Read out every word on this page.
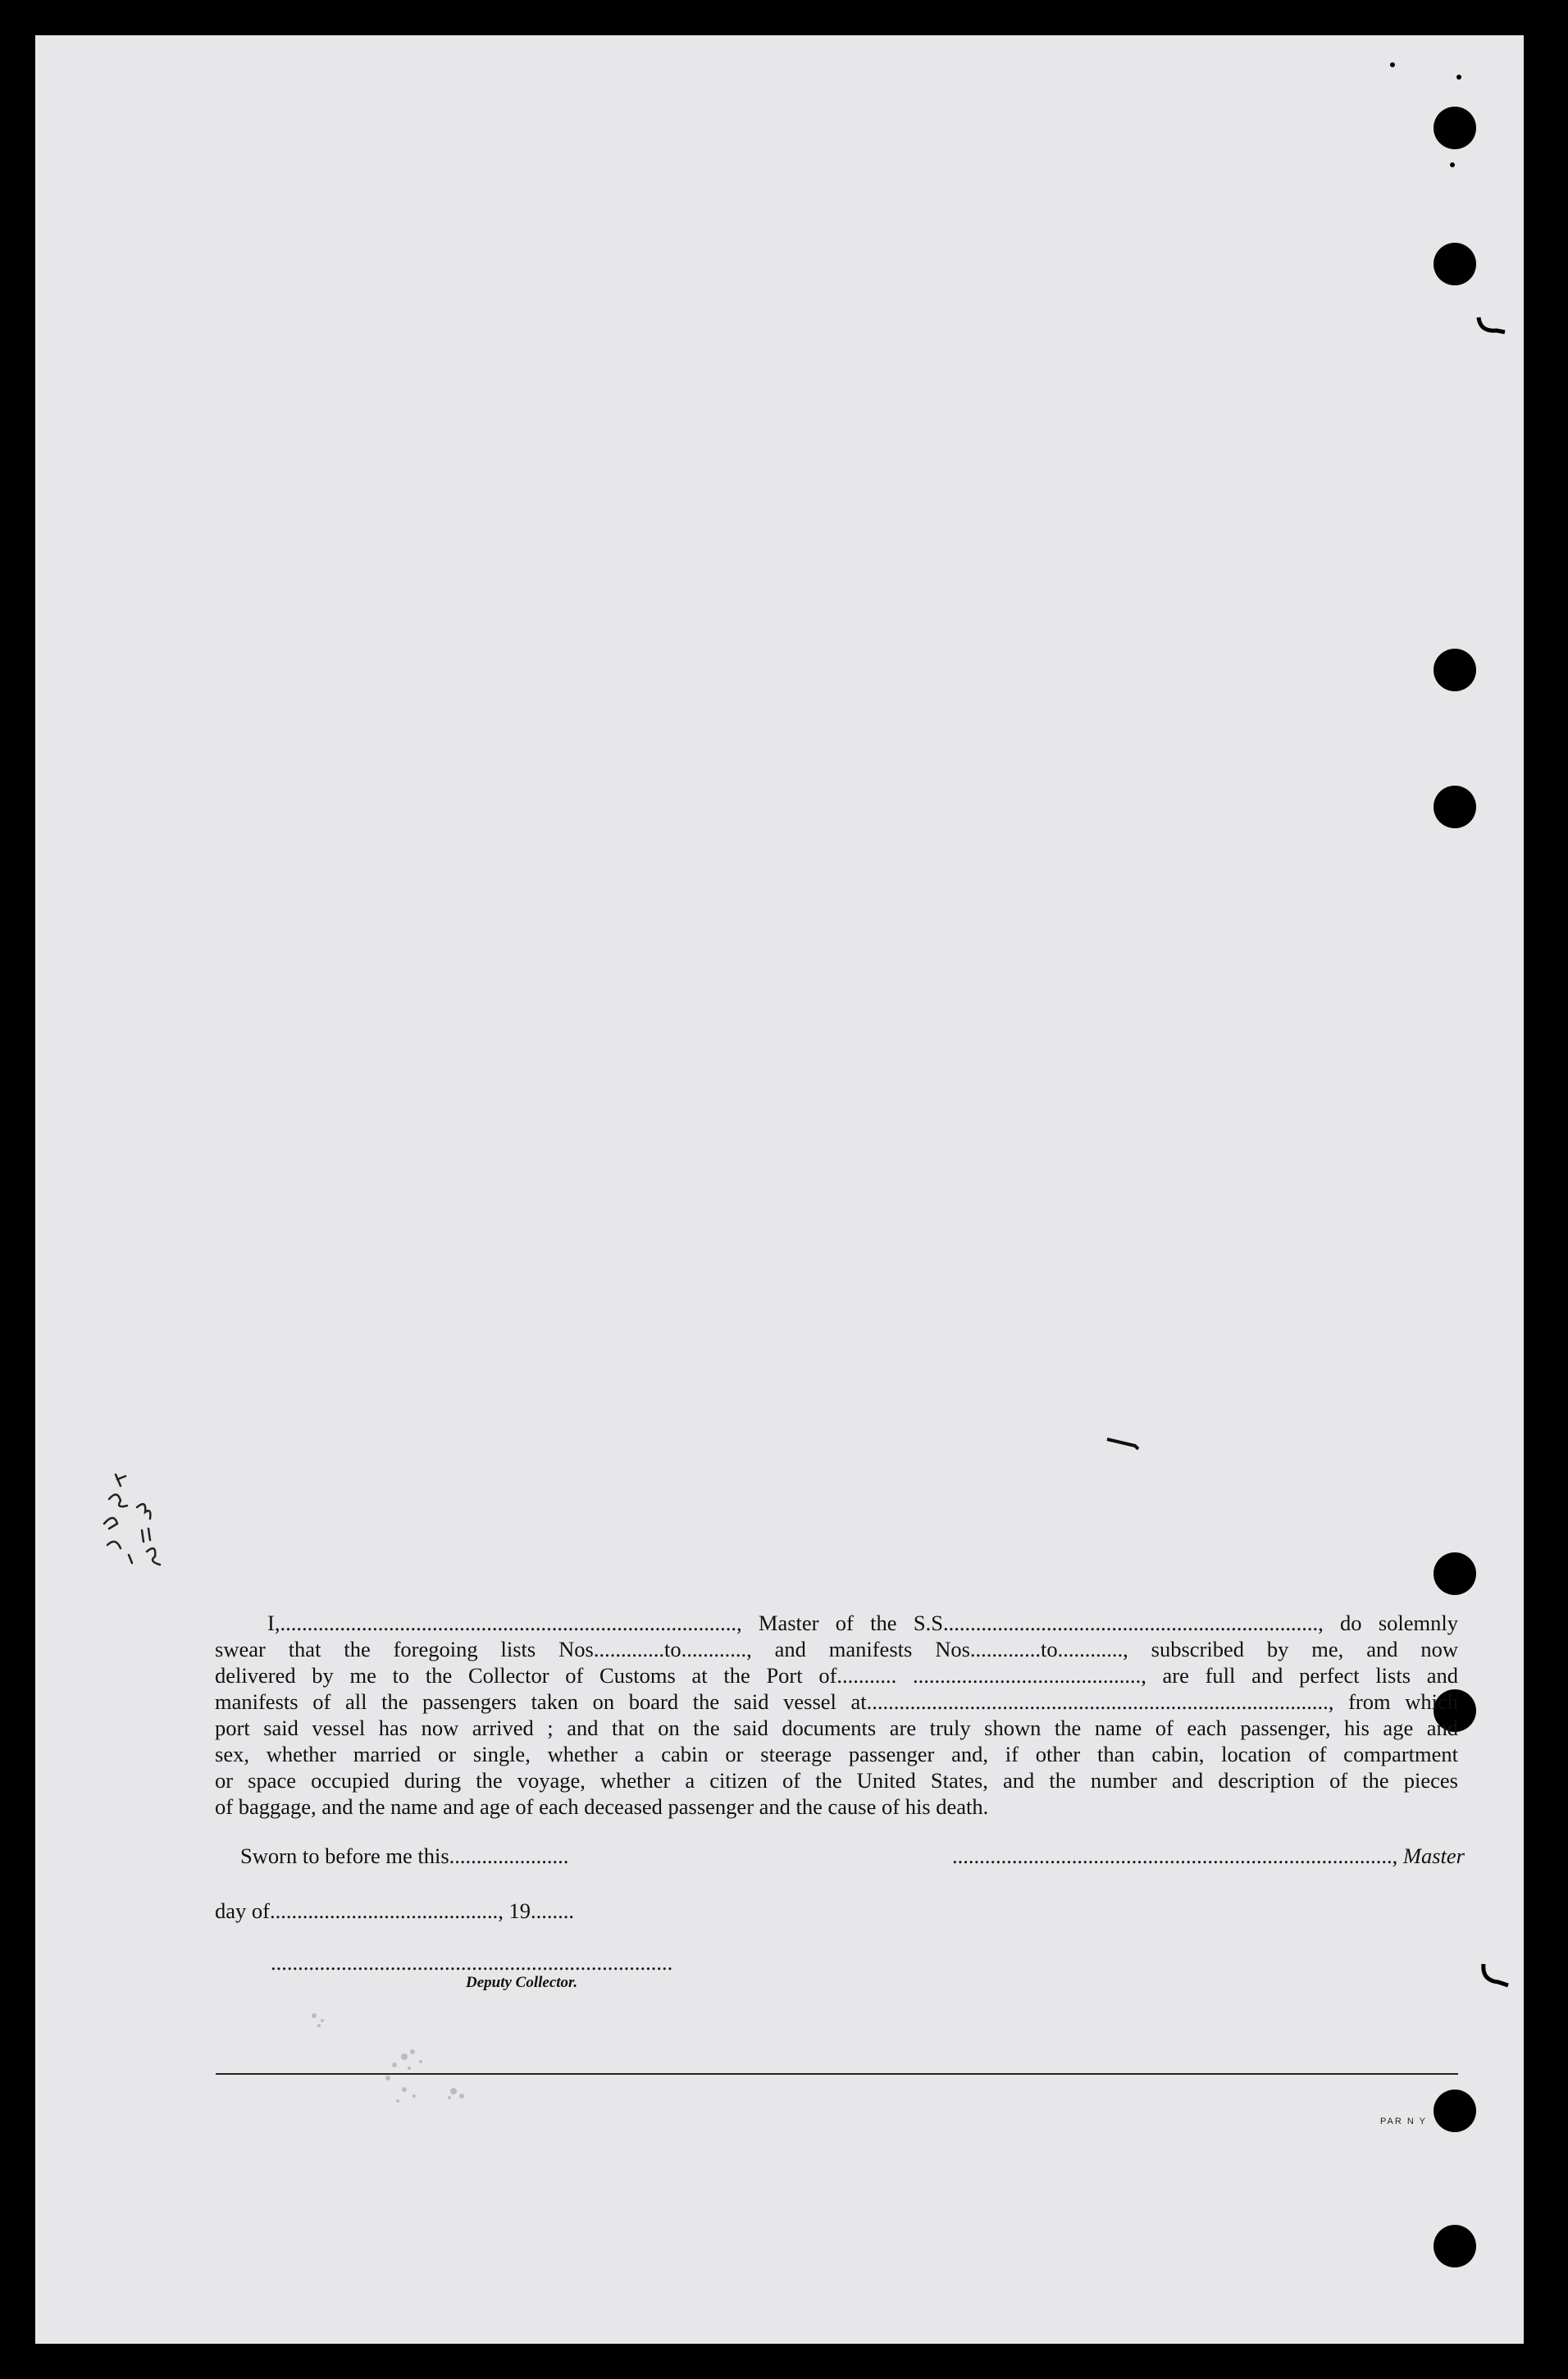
I,...................................................................................., Master of the S.S....................................................................., do solemnly
swear that the foregoing lists Nos.............to............, and manifests Nos.............to............, subscribed by me, and now
delivered by me to the Collector of Customs at the Port of........... .........................................., are full and perfect lists and
manifests of all the passengers taken on board the said vessel at....................................................................................., from which
port said vessel has now arrived ; and that on the said documents are truly shown the name of each passenger, his age and
sex, whether married or single, whether a cabin or steerage passenger and, if other than cabin, location of compartment
or space occupied during the voyage, whether a citizen of the United States, and the number and description of the pieces
of baggage, and the name and age of each deceased passenger and the cause of his death.
Sworn to before me this......................	................................................................................., Master
day of.........................................., 19........
..........................................................................
Deputy Collector.
PAR N Y
